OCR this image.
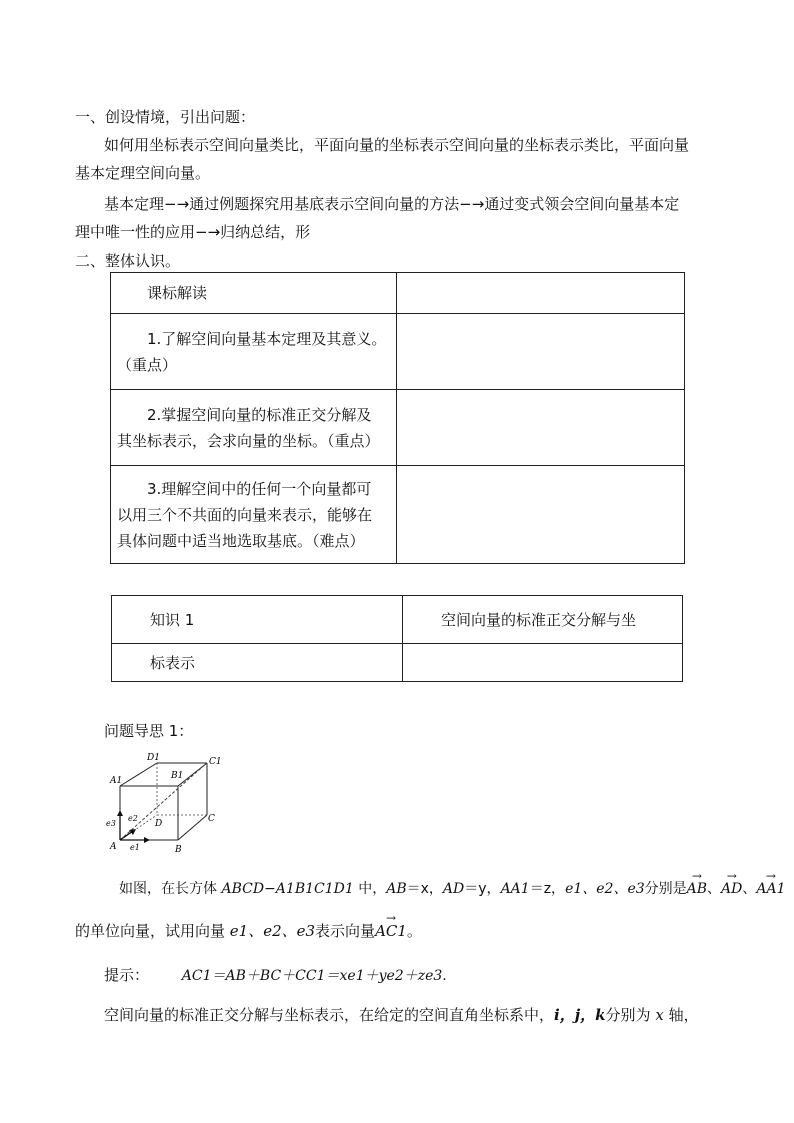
一、创设情境，引出问题：
如何用坐标表示空间向量类比，平面向量的坐标表示空间向量的坐标表示类比，平面向量
基本定理空间向量。
基本定理−→通过例题探究用基底表示空间向量的方法−→通过变式领会空间向量基本定
理中唯一性的应用−→归纳总结，形
二、整体认识。
课标解读	

1.了解空间向量基本定理及其意义。
（重点）	

2.掌握空间向量的标准正交分解及
其坐标表示，会求向量的坐标。（重点）	

3.理解空间中的任何一个向量都可
以用三个不共面的向量来表示，能够在
具体问题中适当地选取基底。（难点）	

知识 1	空间向量的标准正交分解与坐

标表示	

问题导思 1：
D1	C1
A1	B1
e2
D	C
e3
A e1	B
如图，在长方体 ABCD−A1B1C1D1 中，AB＝x，AD＝y，AA1＝z，e1、e2、e3分别是→ AB、→ AD、→ AA1
的单位向量，试用向量 e1、e2、e3表示向量→ AC1。
提示： AC1＝AB＋BC＋CC1＝xe1＋ye2＋ze3.
空间向量的标准正交分解与坐标表示，在给定的空间直角坐标系中，i，j，k分别为 x 轴，
